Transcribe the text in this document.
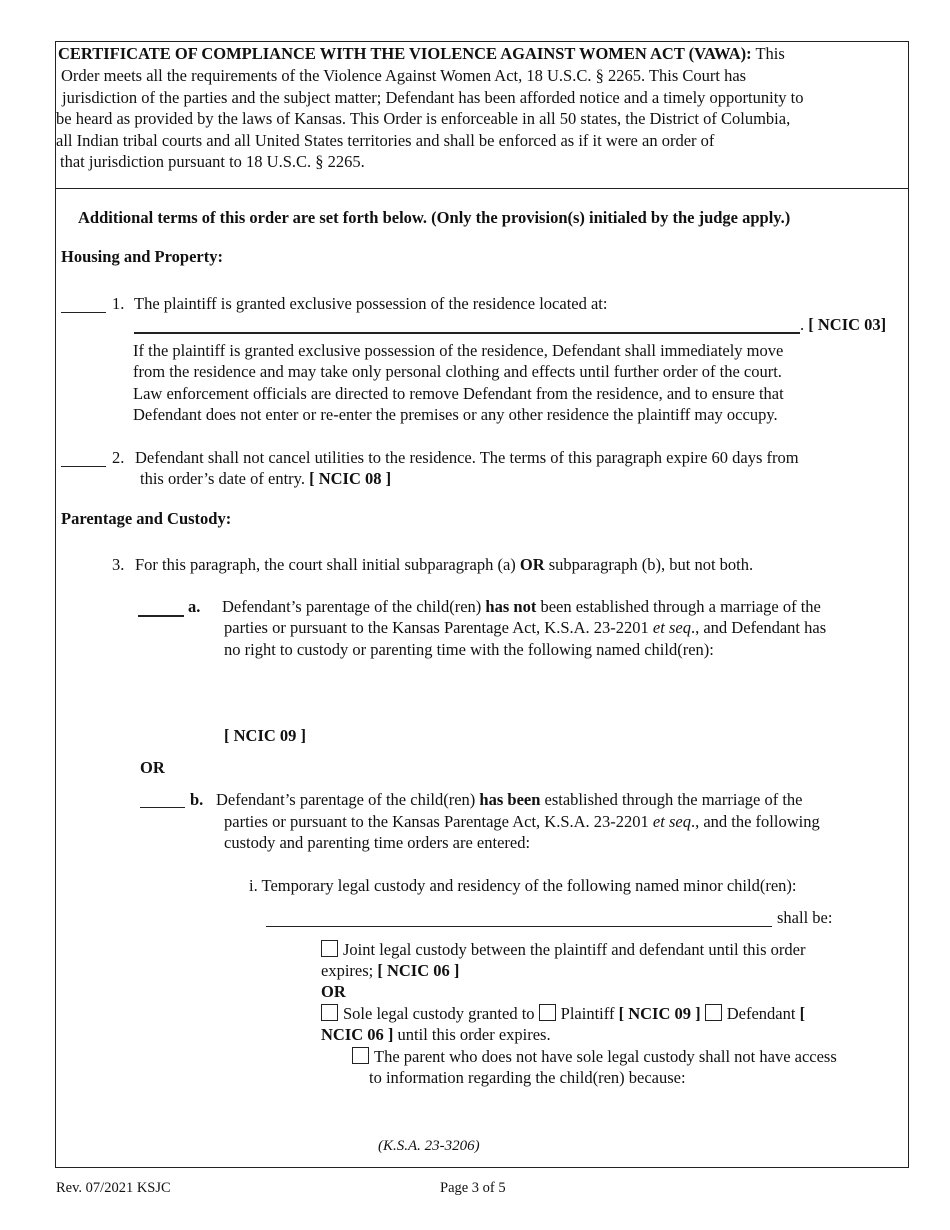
CERTIFICATE OF COMPLIANCE WITH THE VIOLENCE AGAINST WOMEN ACT (VAWA): This
Order meets all the requirements of the Violence Against Women Act, 18 U.S.C. § 2265. This Court has
jurisdiction of the parties and the subject matter; Defendant has been afforded notice and a timely opportunity to
be heard as provided by the laws of Kansas. This Order is enforceable in all 50 states, the District of Columbia,
all Indian tribal courts and all United States territories and shall be enforced as if it were an order of
that jurisdiction pursuant to 18 U.S.C. § 2265.
Additional terms of this order are set forth below. (Only the provision(s) initialed by the judge apply.)
Housing and Property:
1. The plaintiff is granted exclusive possession of the residence located at:
. [ NCIC 03]
If the plaintiff is granted exclusive possession of the residence, Defendant shall immediately move
from the residence and may take only personal clothing and effects until further order of the court.
Law enforcement officials are directed to remove Defendant from the residence, and to ensure that
Defendant does not enter or re-enter the premises or any other residence the plaintiff may occupy.
2. Defendant shall not cancel utilities to the residence. The terms of this paragraph expire 60 days from
this order’s date of entry. [ NCIC 08 ]
Parentage and Custody:
3. For this paragraph, the court shall initial subparagraph (a) OR subparagraph (b), but not both.
a. Defendant’s parentage of the child(ren) has not been established through a marriage of the
parties or pursuant to the Kansas Parentage Act, K.S.A. 23-2201 et seq., and Defendant has
no right to custody or parenting time with the following named child(ren):
[ NCIC 09 ]
OR
b. Defendant’s parentage of the child(ren) has been established through the marriage of the
parties or pursuant to the Kansas Parentage Act, K.S.A. 23-2201 et seq., and the following
custody and parenting time orders are entered:
i. Temporary legal custody and residency of the following named minor child(ren):
shall be:
Joint legal custody between the plaintiff and defendant until this order
expires; [ NCIC 06 ]
OR
Sole legal custody granted to Plaintiff [ NCIC 09 ] Defendant [
NCIC 06 ] until this order expires.
The parent who does not have sole legal custody shall not have access
to information regarding the child(ren) because:
(K.S.A. 23-3206)
Rev. 07/2021 KSJC	Page 3 of 5
